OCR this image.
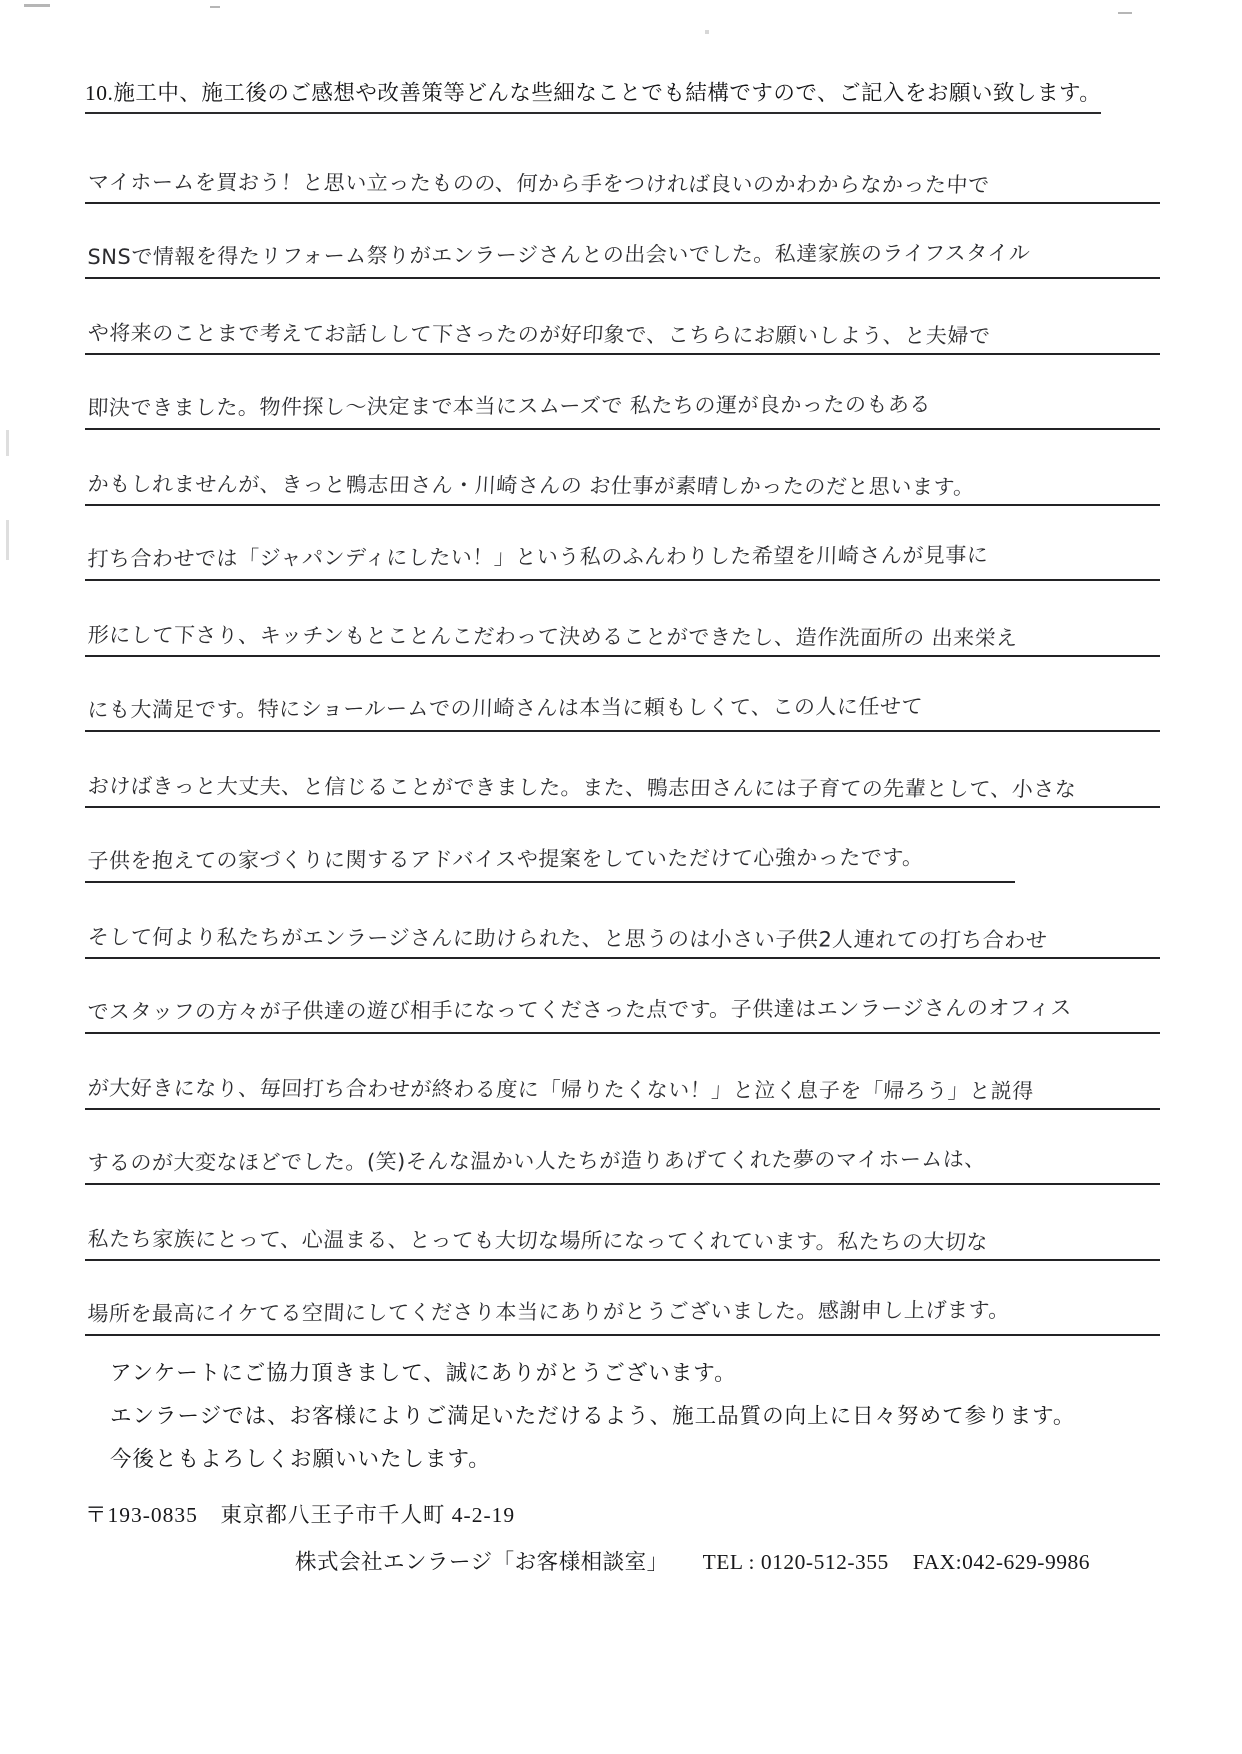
10.施工中、施工後のご感想や改善策等どんな些細なことでも結構ですので、ご記入をお願い致します。
マイホームを買おう！と思い立ったものの、何から手をつければ良いのかわからなかった中で
SNSで情報を得たリフォーム祭りがエンラージさんとの出会いでした。私達家族のライフスタイル
や将来のことまで考えてお話しして下さったのが好印象で、こちらにお願いしよう、と夫婦で
即決できました。物件探し〜決定まで本当にスムーズで 私たちの運が良かったのもある
かもしれませんが、きっと鴨志田さん・川崎さんの お仕事が素晴しかったのだと思います。
打ち合わせでは「ジャパンディにしたい！」という私のふんわりした希望を川崎さんが見事に
形にして下さり、キッチンもとことんこだわって決めることができたし、造作洗面所の 出来栄え
にも大満足です。特にショールームでの川崎さんは本当に頼もしくて、この人に任せて
おけばきっと大丈夫、と信じることができました。また、鴨志田さんには子育ての先輩として、小さな
子供を抱えての家づくりに関するアドバイスや提案をしていただけて心強かったです。
そして何より私たちがエンラージさんに助けられた、と思うのは小さい子供2人連れての打ち合わせ
でスタッフの方々が子供達の遊び相手になってくださった点です。子供達はエンラージさんのオフィス
が大好きになり、毎回打ち合わせが終わる度に「帰りたくない！」と泣く息子を「帰ろう」と説得
するのが大変なほどでした。(笑)そんな温かい人たちが造りあげてくれた夢のマイホームは、
私たち家族にとって、心温まる、とっても大切な場所になってくれています。私たちの大切な
場所を最高にイケてる空間にしてくださり本当にありがとうございました。感謝申し上げます。
アンケートにご協力頂きまして、誠にありがとうございます。
エンラージでは、お客様によりご満足いただけるよう、施工品質の向上に日々努めて参ります。
今後ともよろしくお願いいたします。
〒193-0835　東京都八王子市千人町 4-2-19
株式会社エンラージ「お客様相談室」 TEL : 0120-512-355 FAX:042-629-9986
